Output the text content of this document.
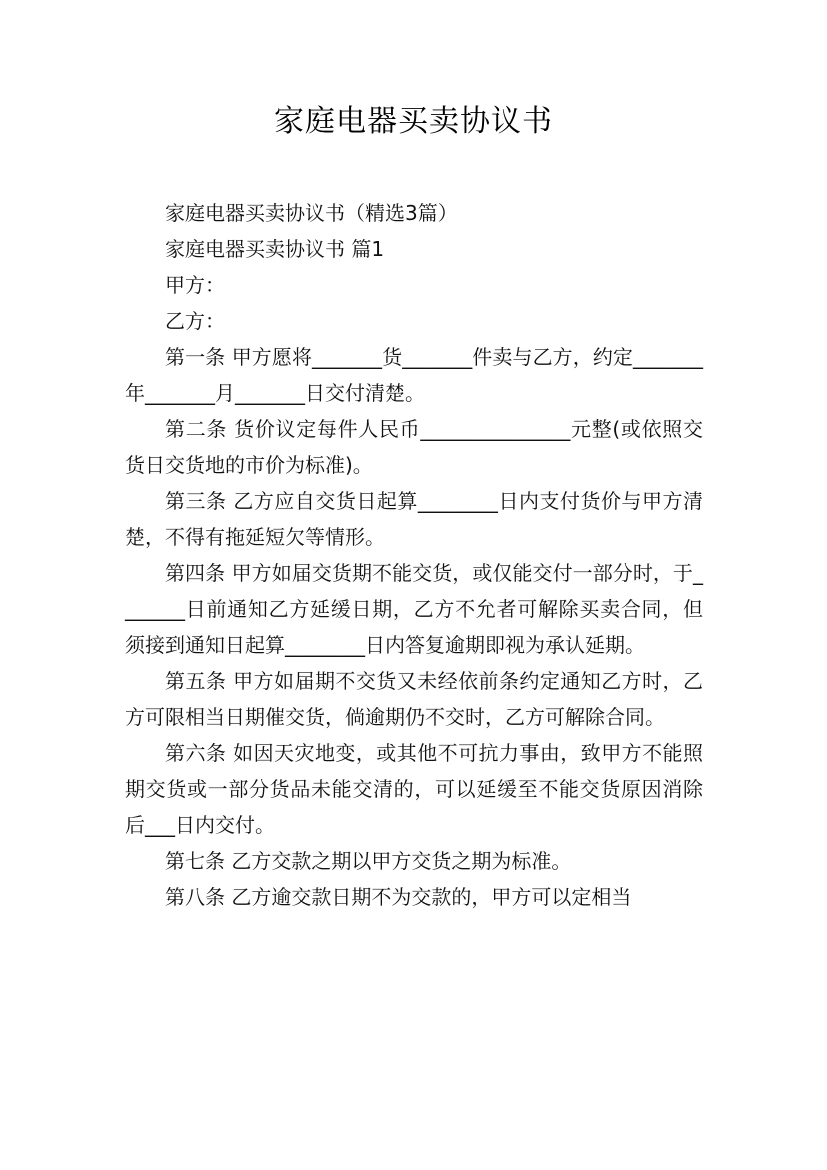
家庭电器买卖协议书

家庭电器买卖协议书（精选3篇）

家庭电器买卖协议书 篇1

甲方：

乙方：

第一条 甲方愿将_______货_______件卖与乙方，约定_______年_______月_______日交付清楚。

第二条 货价议定每件人民币_______________元整(或依照交货日交货地的市价为标准)。

第三条 乙方应自交货日起算________日内支付货价与甲方清楚，不得有拖延短欠等情形。

第四条 甲方如届交货期不能交货，或仅能交付一部分时，于_______日前通知乙方延缓日期，乙方不允者可解除买卖合同，但须接到通知日起算________日内答复逾期即视为承认延期。

第五条 甲方如届期不交货又未经依前条约定通知乙方时，乙方可限相当日期催交货，倘逾期仍不交时，乙方可解除合同。

第六条 如因天灾地变，或其他不可抗力事由，致甲方不能照期交货或一部分货品未能交清的，可以延缓至不能交货原因消除后___日内交付。

第七条 乙方交款之期以甲方交货之期为标准。

第八条 乙方逾交款日期不为交款的，甲方可以定相当
